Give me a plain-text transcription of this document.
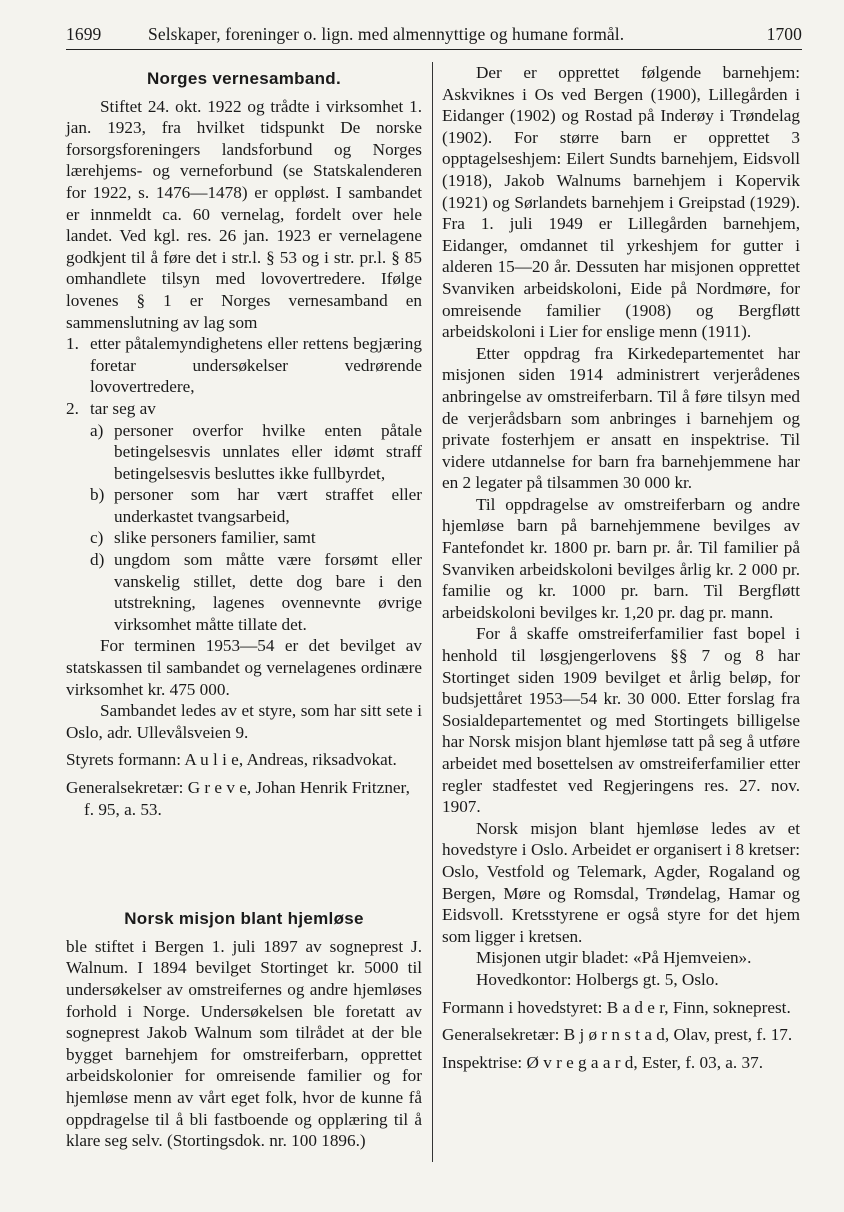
1699	Selskaper, foreninger o. lign. med almennyttige og humane formål.	1700
Norges vernesamband.

Stiftet 24. okt. 1922 og trådte i virksomhet 1. jan. 1923, fra hvilket tidspunkt De norske forsorgsforeningers landsforbund og Norges lærehjems- og verneforbund (se Statskalenderen for 1922, s. 1476—1478) er oppløst. I sambandet er innmeldt ca. 60 vernelag, fordelt over hele landet. Ved kgl. res. 26 jan. 1923 er vernelagene godkjent til å føre det i str.l. § 53 og i str. pr.l. § 85 omhandlete tilsyn med lovovertredere. Ifølge lovenes § 1 er Norges vernesamband en sammenslutning av lag som

1. etter påtalemyndighetens eller rettens begjæring foretar undersøkelser vedrørende lovovertredere,
2. tar seg av
a) personer overfor hvilke enten påtale betingelsesvis unnlates eller idømt straff betingelsesvis besluttes ikke fullbyrdet,
b) personer som har vært straffet eller underkastet tvangsarbeid,
c) slike personers familier, samt
d) ungdom som måtte være forsømt eller vanskelig stillet, dette dog bare i den utstrekning, lagenes ovennevnte øvrige virksomhet måtte tillate det.

For terminen 1953—54 er det bevilget av statskassen til sambandet og vernelagenes ordinære virksomhet kr. 475 000.

Sambandet ledes av et styre, som har sitt sete i Oslo, adr. Ullevålsveien 9.

Styrets formann: A u l i e, Andreas, riksadvokat.

Generalsekretær: G r e v e, Johan Henrik Fritzner, f. 95, a. 53.

Norsk misjon blant hjemløse

ble stiftet i Bergen 1. juli 1897 av sogneprest J. Walnum. I 1894 bevilget Stortinget kr. 5000 til undersøkelser av omstreifernes og andre hjemløses forhold i Norge. Undersøkelsen ble foretatt av sogneprest Jakob Walnum som tilrådet at der ble bygget barnehjem for omstreiferbarn, opprettet arbeidskolonier for omreisende familier og for hjemløse menn av vårt eget folk, hvor de kunne få oppdragelse til å bli fastboende og opplæring til å klare seg selv. (Stortingsdok. nr. 100 1896.)

Der er opprettet følgende barnehjem: Askviknes i Os ved Bergen (1900), Lillegården i Eidanger (1902) og Rostad på Inderøy i Trøndelag (1902). For større barn er opprettet 3 opptagelseshjem: Eilert Sundts barnehjem, Eidsvoll (1918), Jakob Walnums barnehjem i Kopervik (1921) og Sørlandets barnehjem i Greipstad (1929). Fra 1. juli 1949 er Lillegården barnehjem, Eidanger, omdannet til yrkeshjem for gutter i alderen 15—20 år. Dessuten har misjonen opprettet Svanviken arbeidskoloni, Eide på Nordmøre, for omreisende familier (1908) og Bergfløtt arbeidskoloni i Lier for enslige menn (1911).

Etter oppdrag fra Kirkedepartementet har misjonen siden 1914 administrert verjerådenes anbringelse av omstreiferbarn. Til å føre tilsyn med de verjerådsbarn som anbringes i barnehjem og private fosterhjem er ansatt en inspektrise. Til videre utdannelse for barn fra barnehjemmene har en 2 legater på tilsammen 30 000 kr.

Til oppdragelse av omstreiferbarn og andre hjemløse barn på barnehjemmene bevilges av Fantefondet kr. 1800 pr. barn pr. år. Til familier på Svanviken arbeidskoloni bevilges årlig kr. 2 000 pr. familie og kr. 1000 pr. barn. Til Bergfløtt arbeidskoloni bevilges kr. 1,20 pr. dag pr. mann.

For å skaffe omstreiferfamilier fast bopel i henhold til løsgjengerlovens §§ 7 og 8 har Stortinget siden 1909 bevilget et årlig beløp, for budsjettåret 1953—54 kr. 30 000. Etter forslag fra Sosialdepartementet og med Stortingets billigelse har Norsk misjon blant hjemløse tatt på seg å utføre arbeidet med bosettelsen av omstreiferfamilier etter regler stadfestet ved Regjeringens res. 27. nov. 1907.

Norsk misjon blant hjemløse ledes av et hovedstyre i Oslo. Arbeidet er organisert i 8 kretser: Oslo, Vestfold og Telemark, Agder, Rogaland og Bergen, Møre og Romsdal, Trøndelag, Hamar og Eidsvoll. Kretsstyrene er også styre for det hjem som ligger i kretsen.

Misjonen utgir bladet: «På Hjemveien».

Hovedkontor: Holbergs gt. 5, Oslo.

Formann i hovedstyret: B a d e r, Finn, sokneprest.

Generalsekretær: B j ø r n s t a d, Olav, prest, f. 17.

Inspektrise: Ø v r e g a a r d, Ester, f. 03, a. 37.
